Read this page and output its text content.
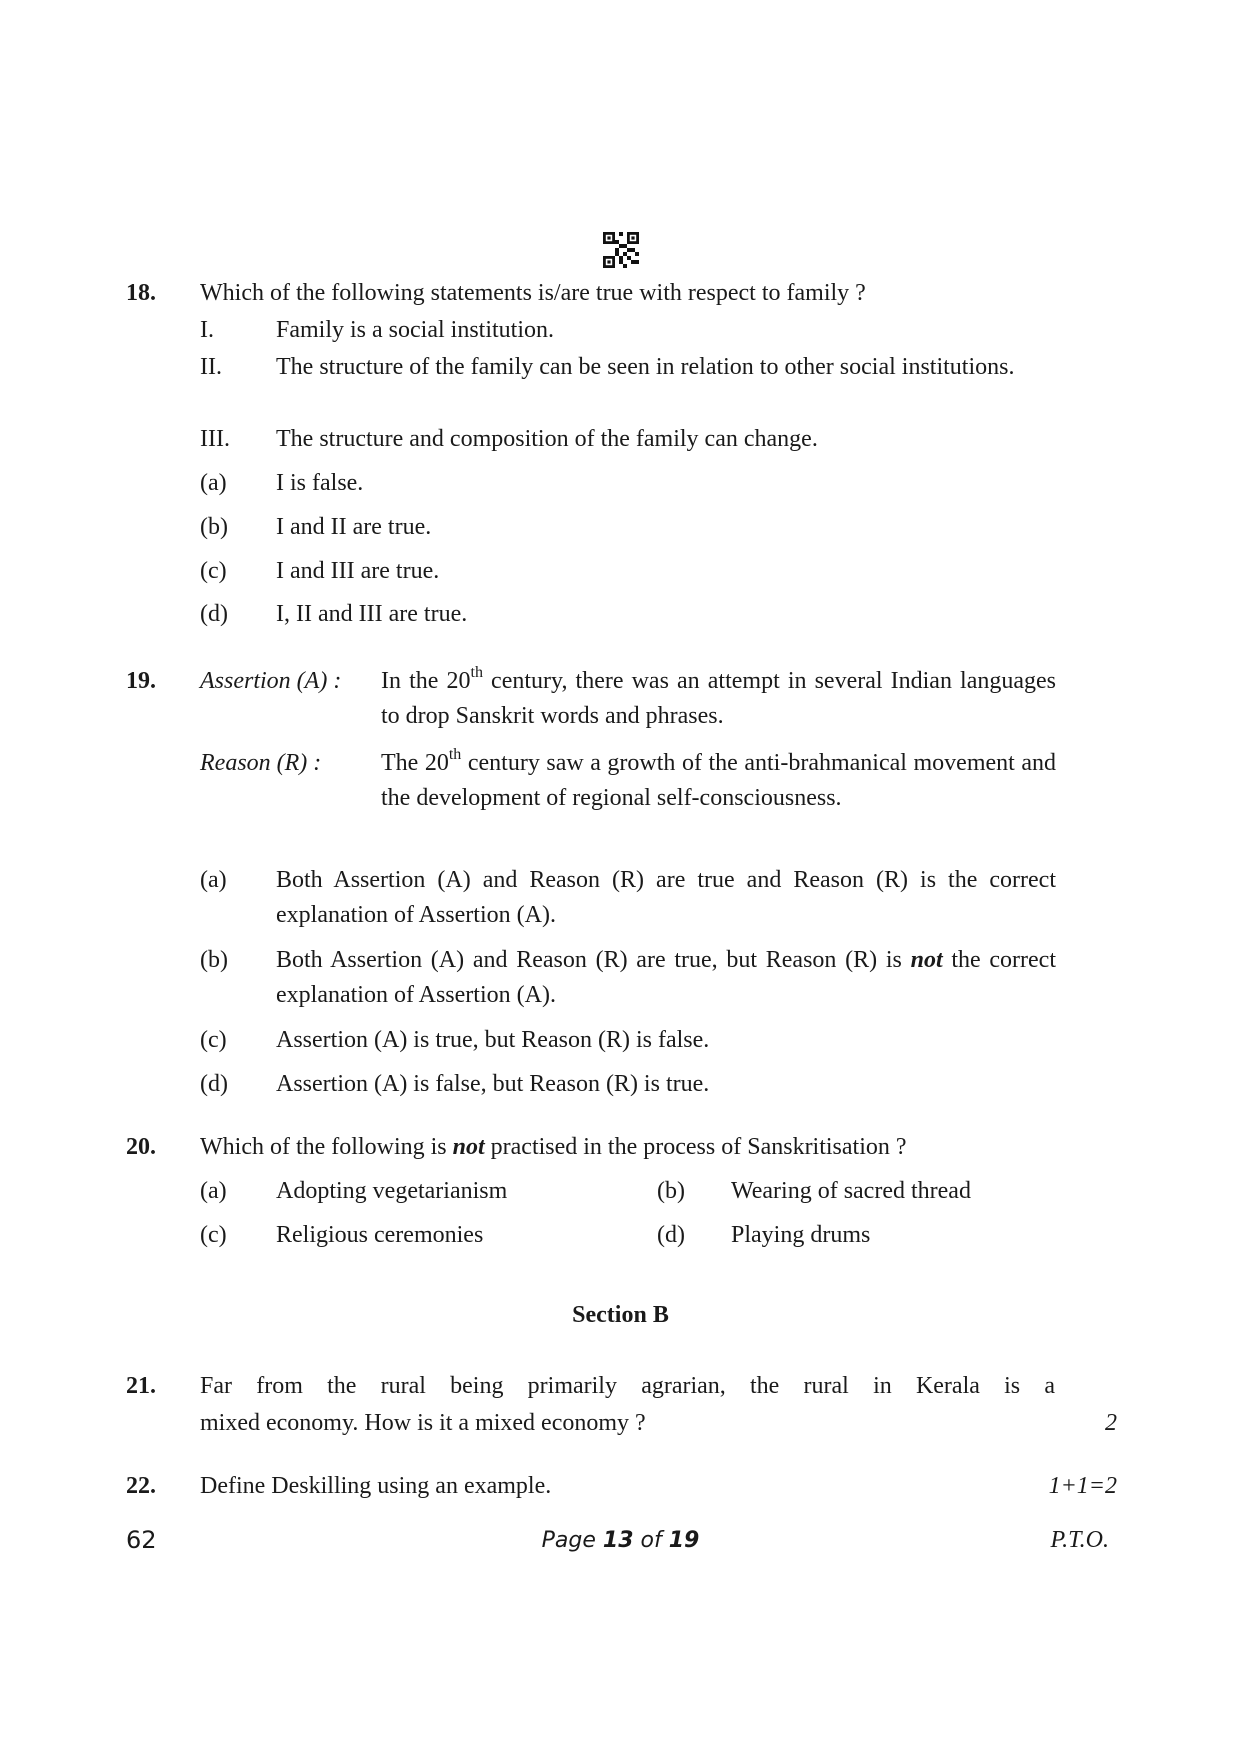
18. Which of the following statements is/are true with respect to family ?
I.	Family is a social institution.
II. The structure of the family can be seen in relation to other social institutions.
III. The structure and composition of the family can change.
(a) I is false.
(b) I and II are true.
(c) I and III are true.
(d) I, II and III are true.
19. Assertion (A) : In the 20th century, there was an attempt in several Indian languages to drop Sanskrit words and phrases.
Reason (R) : The 20th century saw a growth of the anti-brahmanical movement and the development of regional self-consciousness.
(a) Both Assertion (A) and Reason (R) are true and Reason (R) is the correct explanation of Assertion (A).
(b) Both Assertion (A) and Reason (R) are true, but Reason (R) is not the correct explanation of Assertion (A).
(c) Assertion (A) is true, but Reason (R) is false.
(d) Assertion (A) is false, but Reason (R) is true.
20. Which of the following is not practised in the process of Sanskritisation ?
(a) Adopting vegetarianism	(b) Wearing of sacred thread
(c) Religious ceremonies	(d) Playing drums
Section B
21. Far from the rural being primarily agrarian, the rural in Kerala is a
mixed economy. How is it a mixed economy ?	2
22. Define Deskilling using an example.	1+1=2
62	Page 13 of 19	P.T.O.
